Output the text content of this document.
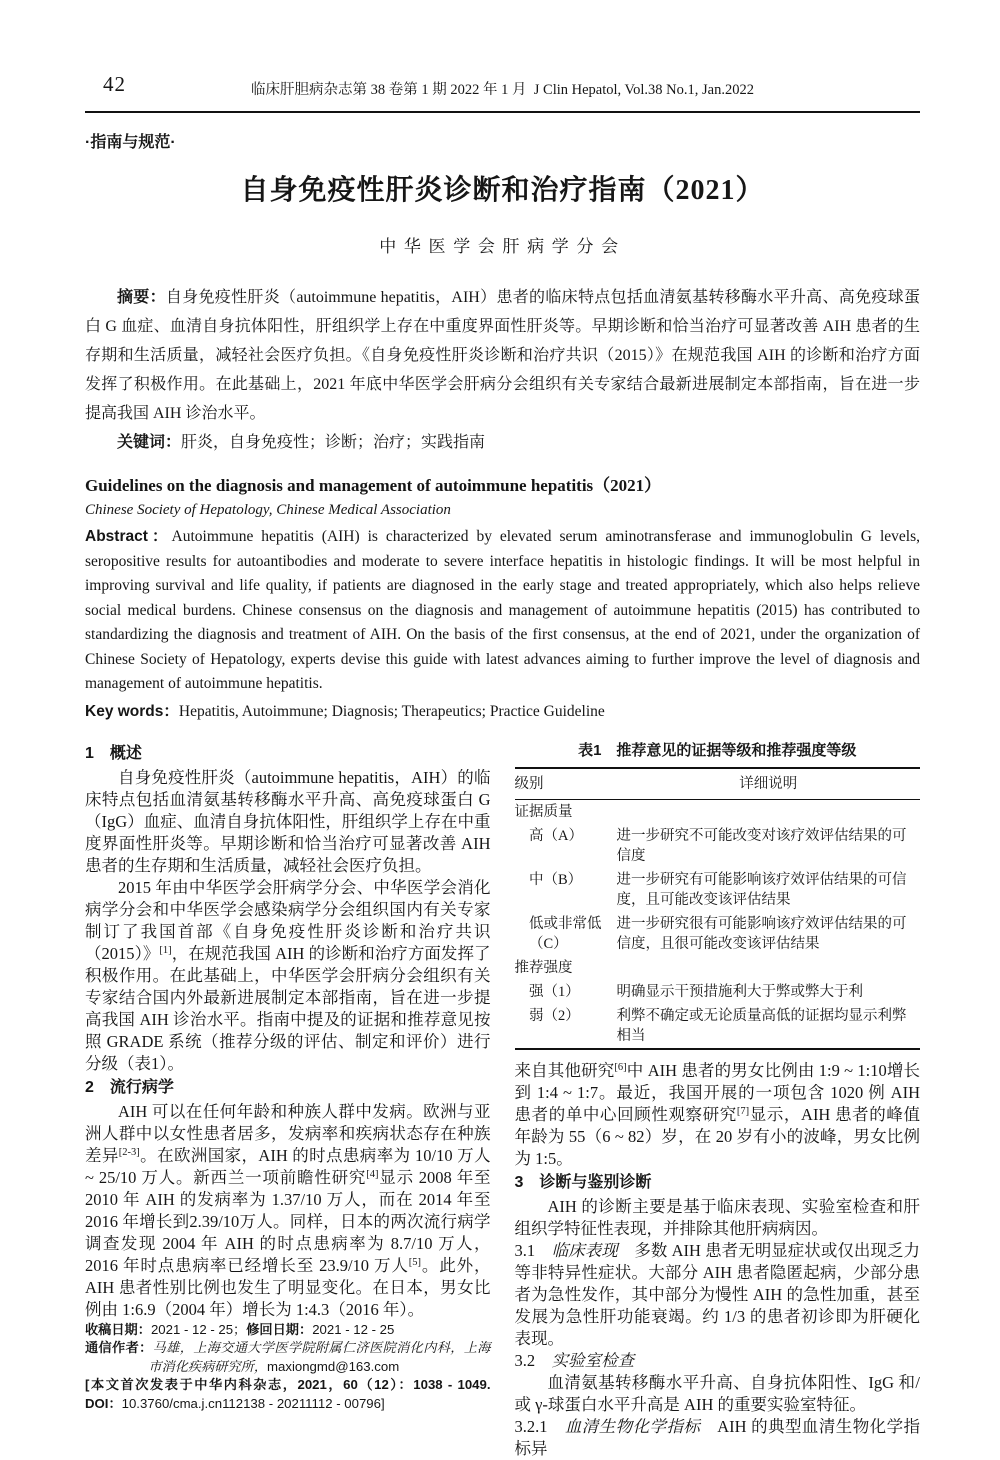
42	临床肝胆病杂志第 38 卷第 1 期 2022 年 1 月 J Clin Hepatol, Vol.38 No.1, Jan.2022
·指南与规范·
自身免疫性肝炎诊断和治疗指南（2021）
中华医学会肝病学分会

摘要：自身免疫性肝炎（autoimmune hepatitis，AIH）患者的临床特点包括血清氨基转移酶水平升高、高免疫球蛋白 G 血症、血清自身抗体阳性，肝组织学上存在中重度界面性肝炎等。早期诊断和恰当治疗可显著改善 AIH 患者的生存期和生活质量，减轻社会医疗负担。《自身免疫性肝炎诊断和治疗共识（2015）》在规范我国 AIH 的诊断和治疗方面发挥了积极作用。在此基础上，2021 年底中华医学会肝病分会组织有关专家结合最新进展制定本部指南，旨在进一步提高我国 AIH 诊治水平。

关键词：肝炎，自身免疫性；诊断；治疗；实践指南

Guidelines on the diagnosis and management of autoimmune hepatitis（2021）
Chinese Society of Hepatology, Chinese Medical Association
Abstract：Autoimmune hepatitis (AIH) is characterized by elevated serum aminotransferase and immunoglobulin G levels, seropositive results for autoantibodies and moderate to severe interface hepatitis in histologic findings. It will be most helpful in improving survival and life quality, if patients are diagnosed in the early stage and treated appropriately, which also helps relieve social medical burdens. Chinese consensus on the diagnosis and management of autoimmune hepatitis (2015) has contributed to standardizing the diagnosis and treatment of AIH. On the basis of the first consensus, at the end of 2021, under the organization of Chinese Society of Hepatology, experts devise this guide with latest advances aiming to further improve the level of diagnosis and management of autoimmune hepatitis.
Key words：Hepatitis, Autoimmune; Diagnosis; Therapeutics; Practice Guideline
1　概述

自身免疫性肝炎（autoimmune hepatitis，AIH）的临床特点包括血清氨基转移酶水平升高、高免疫球蛋白 G（IgG）血症、血清自身抗体阳性，肝组织学上存在中重度界面性肝炎等。早期诊断和恰当治疗可显著改善 AIH 患者的生存期和生活质量，减轻社会医疗负担。

2015 年由中华医学会肝病学分会、中华医学会消化病学分会和中华医学会感染病学分会组织国内有关专家制订了我国首部《自身免疫性肝炎诊断和治疗共识（2015）》[1]，在规范我国 AIH 的诊断和治疗方面发挥了积极作用。在此基础上，中华医学会肝病分会组织有关专家结合国内外最新进展制定本部指南，旨在进一步提高我国 AIH 诊治水平。指南中提及的证据和推荐意见按照 GRADE 系统（推荐分级的评估、制定和评价）进行分级（表1）。

2　流行病学

AIH 可以在任何年龄和种族人群中发病。欧洲与亚洲人群中以女性患者居多，发病率和疾病状态存在种族差异[2-3]。在欧洲国家，AIH 的时点患病率为 10/10 万人 ~ 25/10 万人。新西兰一项前瞻性研究[4]显示 2008 年至 2010 年 AIH 的发病率为 1.37/10 万人，而在 2014 年至 2016 年增长到2.39/10万人。同样，日本的两次流行病学调查发现 2004 年 AIH 的时点患病率为 8.7/10 万人，2016 年时点患病率已经增长至 23.9/10 万人[5]。此外，AIH 患者性别比例也发生了明显变化。在日本，男女比例由 1:6.9（2004 年）增长为 1:4.3（2016 年）。

收稿日期：2021 - 12 - 25；修回日期：2021 - 12 - 25

通信作者：马雄，上海交通大学医学院附属仁济医院消化内科，上海市消化疾病研究所，maxiongmd@163.com

[本文首次发表于中华内科杂志，2021，60（12）：1038 - 1049.　DOI：10.3760/cma.j.cn112138 - 20211112 - 00796]

表1　推荐意见的证据等级和推荐强度等级
级别	详细说明
证据质量	
高（A）	进一步研究不可能改变对该疗效评估结果的可信度
中（B）	进一步研究有可能影响该疗效评估结果的可信度，且可能改变该评估结果
低或非常低（C）	进一步研究很有可能影响该疗效评估结果的可信度，且很可能改变该评估结果
推荐强度	
强（1）	明确显示干预措施利大于弊或弊大于利
弱（2）	利弊不确定或无论质量高低的证据均显示利弊相当

来自其他研究[6]中 AIH 患者的男女比例由 1:9 ~ 1:10增长到 1:4 ~ 1:7。最近，我国开展的一项包含 1020 例 AIH 患者的单中心回顾性观察研究[7]显示，AIH 患者的峰值年龄为 55（6 ~ 82）岁，在 20 岁有小的波峰，男女比例为 1:5。

3　诊断与鉴别诊断

AIH 的诊断主要是基于临床表现、实验室检查和肝组织学特征性表现，并排除其他肝病病因。

3.1　临床表现　多数 AIH 患者无明显症状或仅出现乏力等非特异性症状。大部分 AIH 患者隐匿起病，少部分患者为急性发作，其中部分为慢性 AIH 的急性加重，甚至发展为急性肝功能衰竭。约 1/3 的患者初诊即为肝硬化表现。

3.2　实验室检查

血清氨基转移酶水平升高、自身抗体阳性、IgG 和/或 γ-球蛋白水平升高是 AIH 的重要实验室特征。

3.2.1　血清生物化学指标　AIH 的典型血清生物化学指标异
